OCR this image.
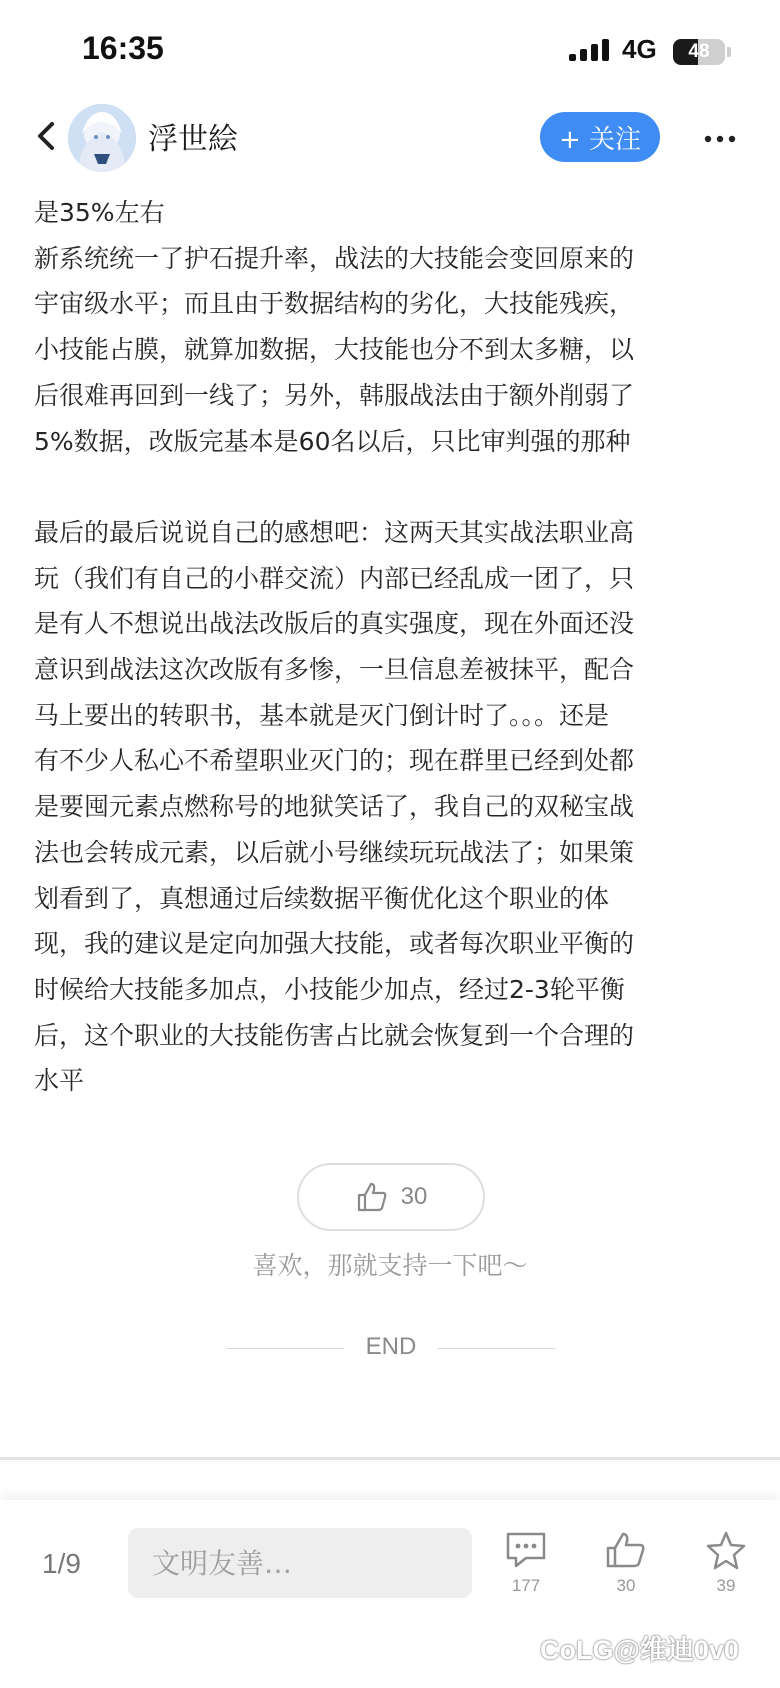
16:35	4G	48
浮世絵	+ 关注

是35%左右

新系统统一了护石提升率，战法的大技能会变回原来的

宇宙级水平；而且由于数据结构的劣化，大技能残疾，

小技能占膜，就算加数据，大技能也分不到太多糖，以

后很难再回到一线了；另外，韩服战法由于额外削弱了

5%数据，改版完基本是60名以后，只比审判强的那种

最后的最后说说自己的感想吧：这两天其实战法职业高

玩（我们有自己的小群交流）内部已经乱成一团了，只

是有人不想说出战法改版后的真实强度，现在外面还没

意识到战法这次改版有多惨，一旦信息差被抹平，配合

马上要出的转职书，基本就是灭门倒计时了。。。还是

有不少人私心不希望职业灭门的；现在群里已经到处都

是要囤元素点燃称号的地狱笑话了，我自己的双秘宝战

法也会转成元素，以后就小号继续玩玩战法了；如果策

划看到了，真想通过后续数据平衡优化这个职业的体

现，我的建议是定向加强大技能，或者每次职业平衡的

时候给大技能多加点，小技能少加点，经过2-3轮平衡

后，这个职业的大技能伤害占比就会恢复到一个合理的

水平

30
喜欢，那就支持一下吧～
END
1/9
文明友善…
177	30	39
CoLG@维迪0v0
